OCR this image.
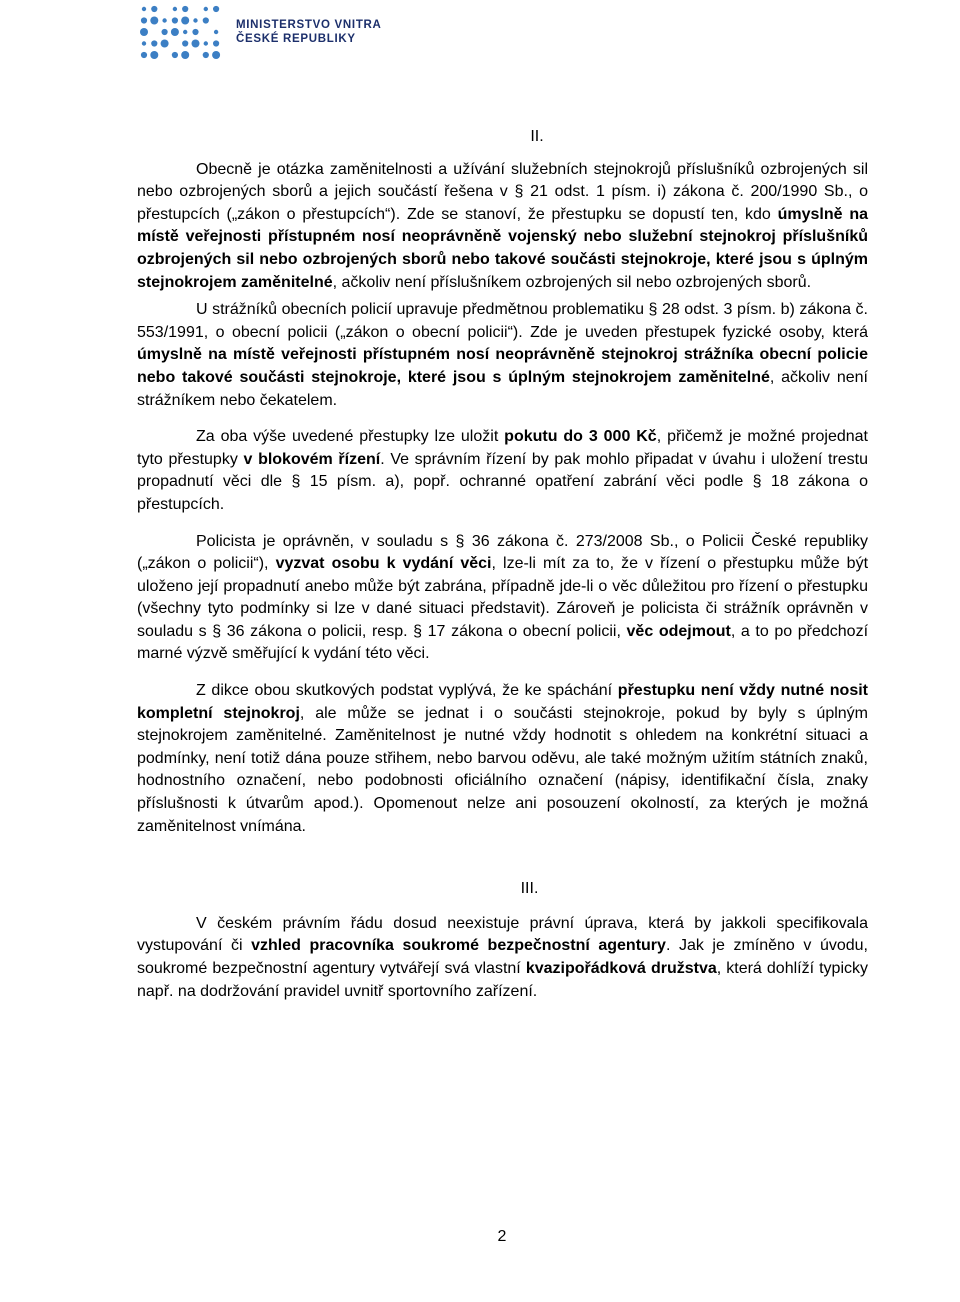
MINISTERSTVO VNITRA
ČESKÉ REPUBLIKY
II.

Obecně je otázka zaměnitelnosti a užívání služebních stejnokrojů příslušníků ozbrojených sil nebo ozbrojených sborů a jejich součástí řešena v § 21 odst. 1 písm. i) zákona č. 200/1990 Sb., o přestupcích („zákon o přestupcích“). Zde se stanoví, že přestupku se dopustí ten, kdo úmyslně na místě veřejnosti přístupném nosí neoprávněně vojenský nebo služební stejnokroj příslušníků ozbrojených sil nebo ozbrojených sborů nebo takové součásti stejnokroje, které jsou s úplným stejnokrojem zaměnitelné, ačkoliv není příslušníkem ozbrojených sil nebo ozbrojených sborů.

U strážníků obecních policií upravuje předmětnou problematiku § 28 odst. 3 písm. b) zákona č. 553/1991, o obecní policii („zákon o obecní policii“). Zde je uveden přestupek fyzické osoby, která úmyslně na místě veřejnosti přístupném nosí neoprávněně stejnokroj strážníka obecní policie nebo takové součásti stejnokroje, které jsou s úplným stejnokrojem zaměnitelné, ačkoliv není strážníkem nebo čekatelem.

Za oba výše uvedené přestupky lze uložit pokutu do 3 000 Kč, přičemž je možné projednat tyto přestupky v blokovém řízení. Ve správním řízení by pak mohlo připadat v úvahu i uložení trestu propadnutí věci dle § 15 písm. a), popř. ochranné opatření zabrání věci podle § 18 zákona o přestupcích.

Policista je oprávněn, v souladu s § 36 zákona č. 273/2008 Sb., o Policii České republiky („zákon o policii“), vyzvat osobu k vydání věci, lze-li mít za to, že v řízení o přestupku může být uloženo její propadnutí anebo může být zabrána, případně jde-li o věc důležitou pro řízení o přestupku (všechny tyto podmínky si lze v dané situaci představit). Zároveň je policista či strážník oprávněn v souladu s § 36 zákona o policii, resp. § 17 zákona o obecní policii, věc odejmout, a to po předchozí marné výzvě směřující k vydání této věci.

Z dikce obou skutkových podstat vyplývá, že ke spáchání přestupku není vždy nutné nosit kompletní stejnokroj, ale může se jednat i o součásti stejnokroje, pokud by byly s úplným stejnokrojem zaměnitelné. Zaměnitelnost je nutné vždy hodnotit s ohledem na konkrétní situaci a podmínky, není totiž dána pouze střihem, nebo barvou oděvu, ale také možným užitím státních znaků, hodnostního označení, nebo podobnosti oficiálního označení (nápisy, identifikační čísla, znaky příslušnosti k útvarům apod.). Opomenout nelze ani posouzení okolností, za kterých je možná zaměnitelnost vnímána.

III.

V českém právním řádu dosud neexistuje právní úprava, která by jakkoli specifikovala vystupování či vzhled pracovníka soukromé bezpečnostní agentury. Jak je zmíněno v úvodu, soukromé bezpečnostní agentury vytvářejí svá vlastní kvazipořádková družstva, která dohlíží typicky např. na dodržování pravidel uvnitř sportovního zařízení.

2
